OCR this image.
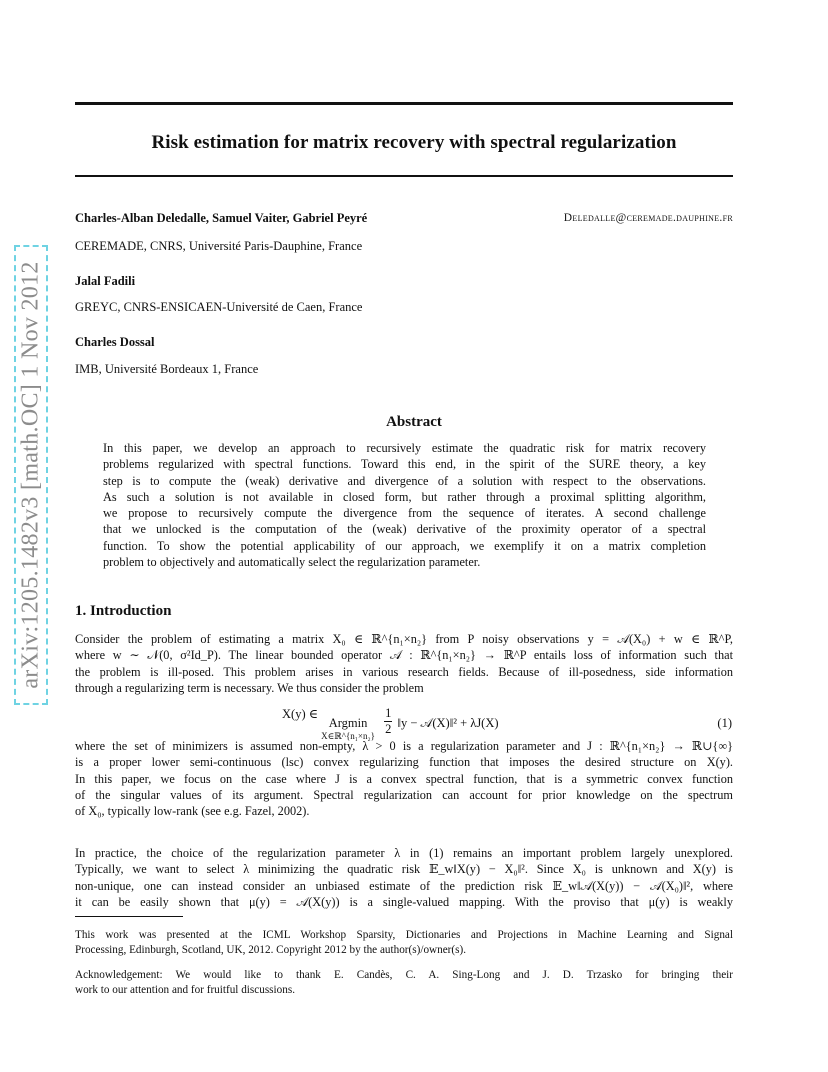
Risk estimation for matrix recovery with spectral regularization
arXiv:1205.1482v3 [math.OC] 1 Nov 2012
Charles-Alban Deledalle, Samuel Vaiter, Gabriel Peyré	Deledalle@ceremade.dauphine.fr
CEREMADE, CNRS, Université Paris-Dauphine, France
Jalal Fadili
GREYC, CNRS-ENSICAEN-Université de Caen, France
Charles Dossal
IMB, Université Bordeaux 1, France
Abstract
In this paper, we develop an approach to recursively estimate the quadratic risk for matrix recovery
problems regularized with spectral functions. Toward this end, in the spirit of the SURE theory, a key
step is to compute the (weak) derivative and divergence of a solution with respect to the observations.
As such a solution is not available in closed form, but rather through a proximal splitting algorithm,
we propose to recursively compute the divergence from the sequence of iterates. A second challenge
that we unlocked is the computation of the (weak) derivative of the proximity operator of a spectral
function. To show the potential applicability of our approach, we exemplify it on a matrix completion
problem to objectively and automatically select the regularization parameter.
1. Introduction
Consider the problem of estimating a matrix X₀ ∈ ℝ^{n₁×n₂} from P noisy observations y = 𝒜(X₀) + w ∈ ℝ^P,
where w ∼ 𝒩(0, σ²Id_P). The linear bounded operator 𝒜 : ℝ^{n₁×n₂} → ℝ^P entails loss of information such that
the problem is ill-posed. This problem arises in various research fields. Because of ill-posedness, side information
through a regularizing term is necessary. We thus consider the problem
X(y) ∈
Argmin
X∈ℝ^{n₁×n₂}
$\frac{1}{2}$ ‖y − 𝒜(X)‖² + λJ(X)	(1)
where the set of minimizers is assumed non-empty, λ > 0 is a regularization parameter and J : ℝ^{n₁×n₂} → ℝ∪{∞}
is a proper lower semi-continuous (lsc) convex regularizing function that imposes the desired structure on X(y).
In this paper, we focus on the case where J is a convex spectral function, that is a symmetric convex function
of the singular values of its argument. Spectral regularization can account for prior knowledge on the spectrum
of X₀, typically low-rank (see e.g. Fazel, 2002).
In practice, the choice of the regularization parameter λ in (1) remains an important problem largely unexplored.
Typically, we want to select λ minimizing the quadratic risk 𝔼_w‖X(y) − X₀‖². Since X₀ is unknown and X(y) is
non-unique, one can instead consider an unbiased estimate of the prediction risk 𝔼_w‖𝒜(X(y)) − 𝒜(X₀)‖², where
it can be easily shown that μ(y) = 𝒜(X(y)) is a single-valued mapping. With the proviso that μ(y) is weakly
This work was presented at the ICML Workshop Sparsity, Dictionaries and Projections in Machine Learning and Signal
Processing, Edinburgh, Scotland, UK, 2012. Copyright 2012 by the author(s)/owner(s).
Acknowledgement: We would like to thank E. Candès, C. A. Sing-Long and J. D. Trzasko for bringing their
work to our attention and for fruitful discussions.
